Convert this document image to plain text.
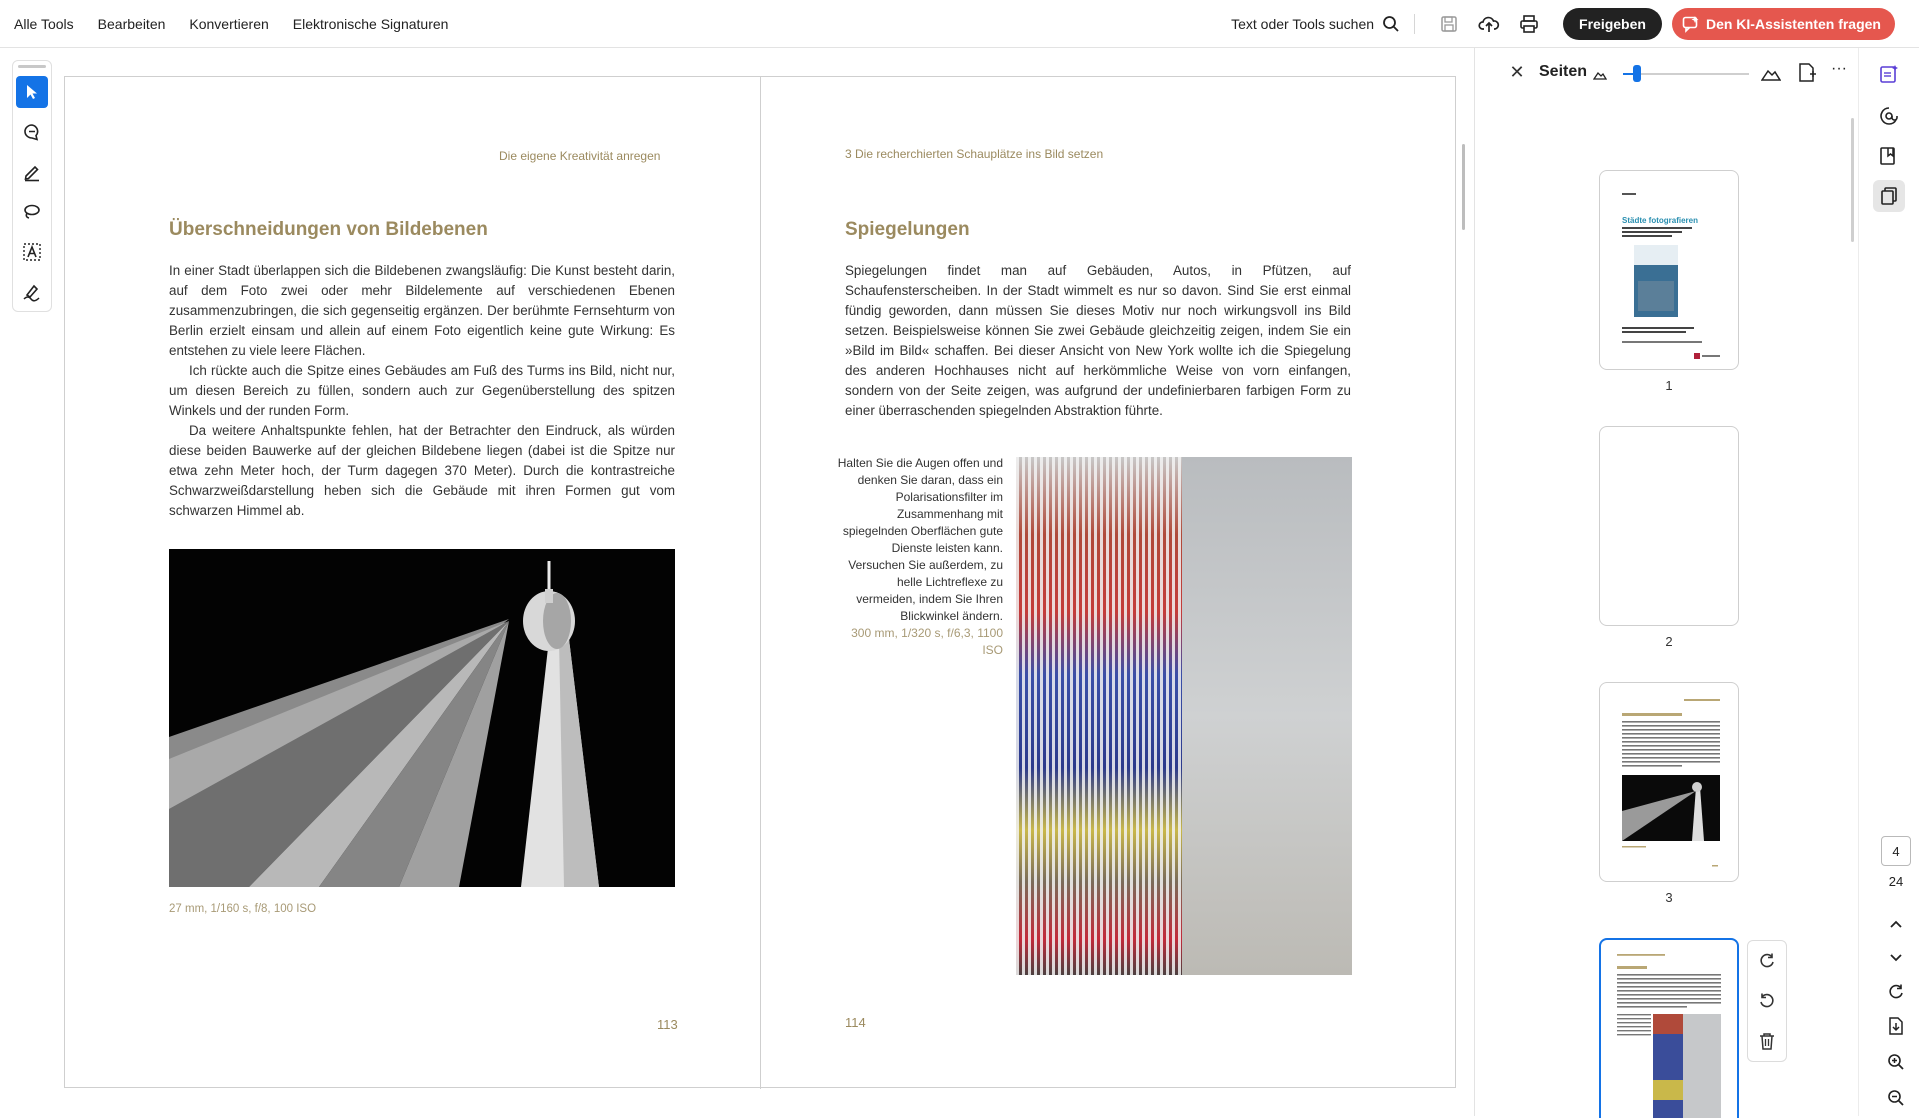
Alle Tools Bearbeiten Konvertieren Elektronische Signaturen	Text oder Tools suchen	Freigeben	Den KI-Assistenten fragen
Die eigene Kreativität anregen
Überschneidungen von Bildebenen

In einer Stadt überlappen sich die Bildebenen zwangsläufig: Die Kunst besteht darin, auf dem Foto zwei oder mehr Bildelemente auf verschiedenen Ebenen zusammenzubringen, die sich gegenseitig ergänzen. Der berühmte Fernsehturm von Berlin erzielt einsam und allein auf einem Foto eigentlich keine gute Wirkung: Es entstehen zu viele leere Flächen.

Ich rückte auch die Spitze eines Gebäudes am Fuß des Turms ins Bild, nicht nur, um diesen Bereich zu füllen, sondern auch zur Gegenüberstellung des spitzen Winkels und der runden Form.

Da weitere Anhaltspunkte fehlen, hat der Betrachter den Eindruck, als würden diese beiden Bauwerke auf der gleichen Bildebene liegen (dabei ist die Spitze nur etwa zehn Meter hoch, der Turm dagegen 370 Meter). Durch die kontrastreiche Schwarzweißdarstellung heben sich die Gebäude mit ihren Formen gut vom schwarzen Himmel ab.

27 mm, 1/160 s, f/8, 100 ISO
113
3 Die recherchierten Schauplätze ins Bild setzen
Spiegelungen

Spiegelungen findet man auf Gebäuden, Autos, in Pfützen, auf Schaufensterscheiben. In der Stadt wimmelt es nur so davon. Sind Sie erst einmal fündig geworden, dann müssen Sie dieses Motiv nur noch wirkungsvoll ins Bild setzen. Beispielsweise können Sie zwei Gebäude gleichzeitig zeigen, indem Sie ein »Bild im Bild« schaffen. Bei dieser Ansicht von New York wollte ich die Spiegelung des anderen Hochhauses nicht auf herkömmliche Weise von vorn einfangen, sondern von der Seite zeigen, was aufgrund der undefinierbaren farbigen Form zu einer überraschenden spiegelnden Abstraktion führte.

Halten Sie die Augen offen und denken Sie daran, dass ein Polarisationsfilter im Zusammenhang mit spiegelnden Oberflächen gute Dienste leisten kann. Versuchen Sie außerdem, zu helle Lichtreflexe zu vermeiden, indem Sie Ihren Blickwinkel ändern.
300 mm, 1/320 s, f/6,3, 1100 ISO
114
✕ Seiten	···
Städte fotografieren
1
2
3
4
24
